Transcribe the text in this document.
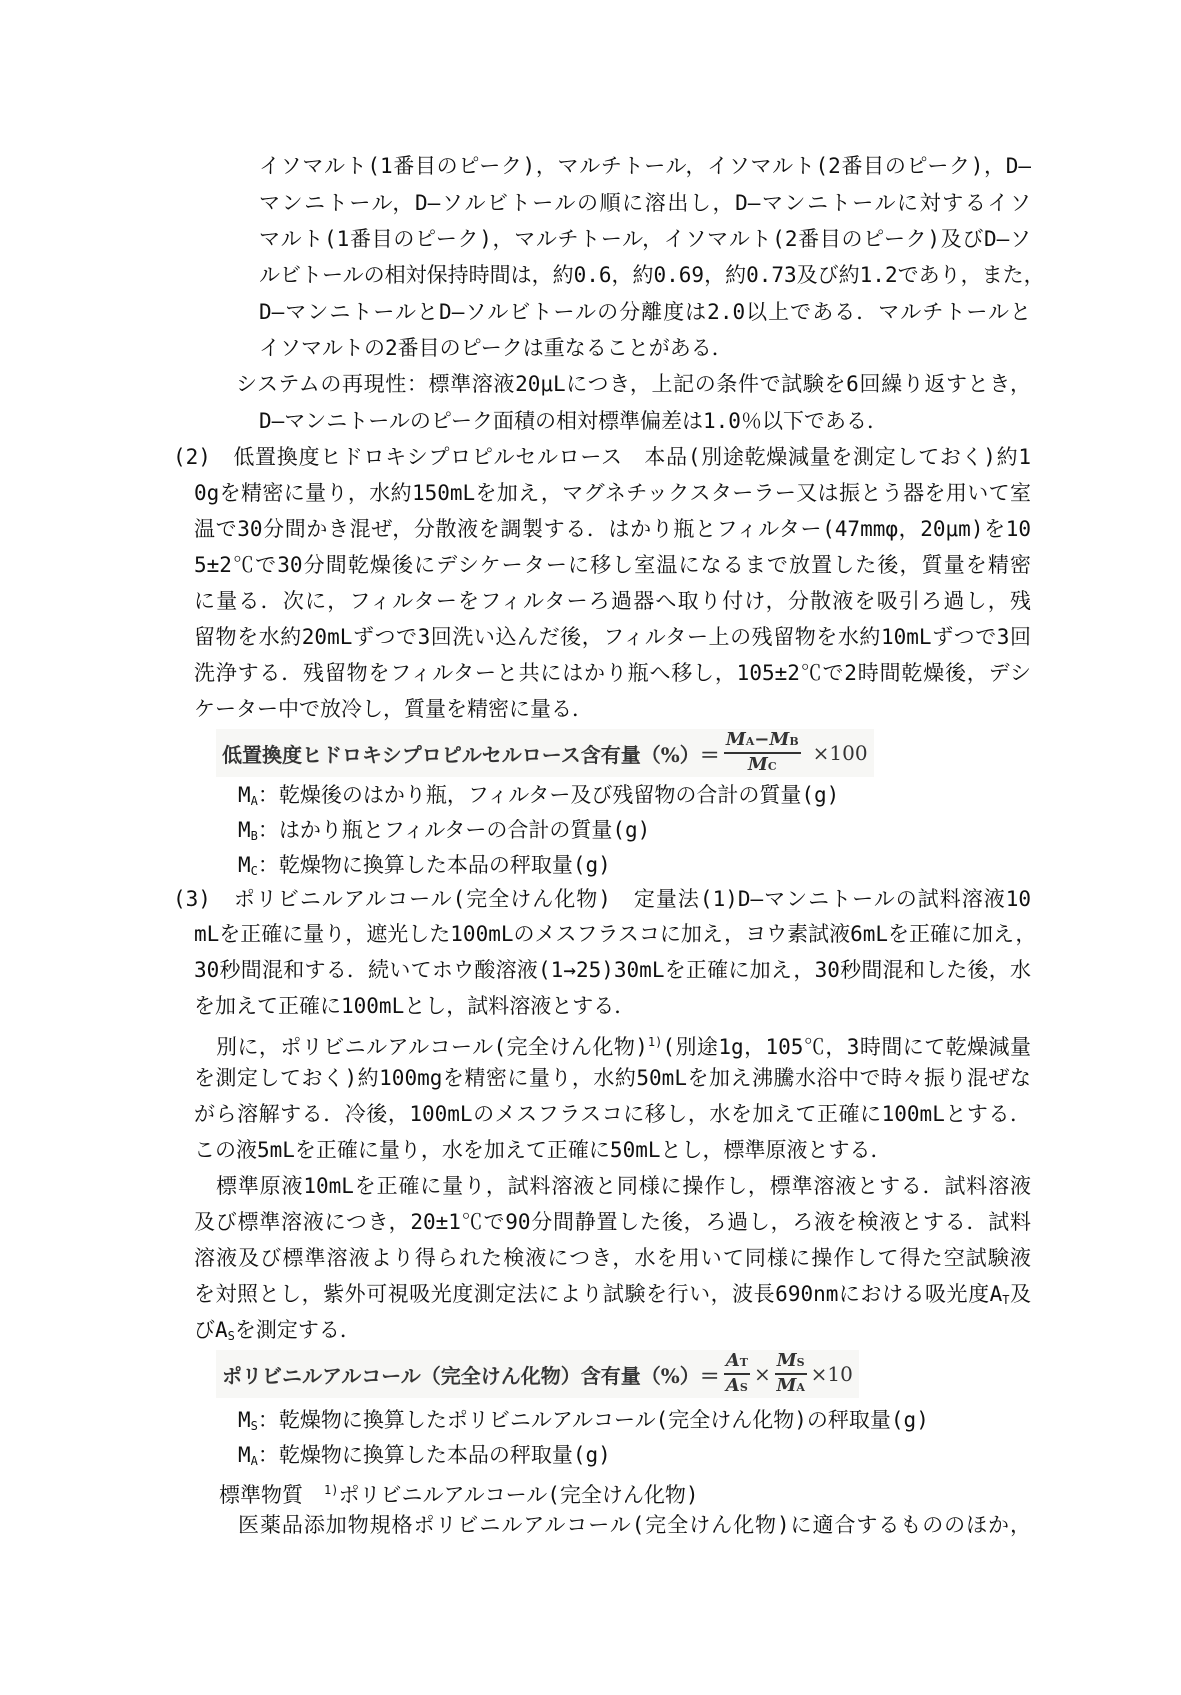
イソマルト(1番目のピーク)，マルチトール，イソマルト(2番目のピーク)，D―
マンニトール，D―ソルビトールの順に溶出し，D―マンニトールに対するイソ
マルト(1番目のピーク)，マルチトール，イソマルト(2番目のピーク)及びD―ソ
ルビトールの相対保持時間は，約0.6，約0.69，約0.73及び約1.2であり，また，
D―マンニトールとD―ソルビトールの分離度は2.0以上である．マルチトールと
イソマルトの2番目のピークは重なることがある．
システムの再現性：標準溶液20μLにつき，上記の条件で試験を6回繰り返すとき，
D―マンニトールのピーク面積の相対標準偏差は1.0％以下である．
(2)　低置換度ヒドロキシプロピルセルロース　本品(別途乾燥減量を測定しておく)約1
0gを精密に量り，水約150mLを加え，マグネチックスターラー又は振とう器を用いて室
温で30分間かき混ぜ，分散液を調製する．はかり瓶とフィルター(47mmφ，20μm)を10
5±2℃で30分間乾燥後にデシケーターに移し室温になるまで放置した後，質量を精密
に量る．次に，フィルターをフィルターろ過器へ取り付け，分散液を吸引ろ過し，残
留物を水約20mLずつで3回洗い込んだ後，フィルター上の残留物を水約10mLずつで3回
洗浄する．残留物をフィルターと共にはかり瓶へ移し，105±2℃で2時間乾燥後，デシ
ケーター中で放冷し，質量を精密に量る．
低置換度ヒドロキシプロピルセルロース含有量（%）＝ $\frac{MA-MB}{MC} \times 100$
$M_A$：乾燥後のはかり瓶，フィルター及び残留物の合計の質量(g)
$M_B$：はかり瓶とフィルターの合計の質量(g)
$M_C$：乾燥物に換算した本品の秤取量(g)
(3)　ポリビニルアルコール(完全けん化物)　定量法(1)D―マンニトールの試料溶液10
mLを正確に量り，遮光した100mLのメスフラスコに加え，ヨウ素試液6mLを正確に加え，
30秒間混和する．続いてホウ酸溶液(1→25)30mLを正確に加え，30秒間混和した後，水
を加えて正確に100mLとし，試料溶液とする．
別に，ポリビニルアルコール(完全けん化物)$^{1)}$(別途1g，105℃，3時間にて乾燥減量
を測定しておく)約100mgを精密に量り，水約50mLを加え沸騰水浴中で時々振り混ぜな
がら溶解する．冷後，100mLのメスフラスコに移し，水を加えて正確に100mLとする．
この液5mLを正確に量り，水を加えて正確に50mLとし，標準原液とする．
標準原液10mLを正確に量り，試料溶液と同様に操作し，標準溶液とする．試料溶液
及び標準溶液につき，20±1℃で90分間静置した後，ろ過し，ろ液を検液とする．試料
溶液及び標準溶液より得られた検液につき，水を用いて同様に操作して得た空試験液
を対照とし，紫外可視吸光度測定法により試験を行い，波長690nmにおける吸光度$A_T$及
び$A_S$を測定する．
ポリビニルアルコール（完全けん化物）含有量（%）＝ $\frac{AT}{AS} \times \frac{MS}{MA} \times 10$
$M_S$：乾燥物に換算したポリビニルアルコール(完全けん化物)の秤取量(g)
$M_A$：乾燥物に換算した本品の秤取量(g)
標準物質　$^{1)}$ポリビニルアルコール(完全けん化物)
医薬品添加物規格ポリビニルアルコール(完全けん化物)に適合するもののほか，
